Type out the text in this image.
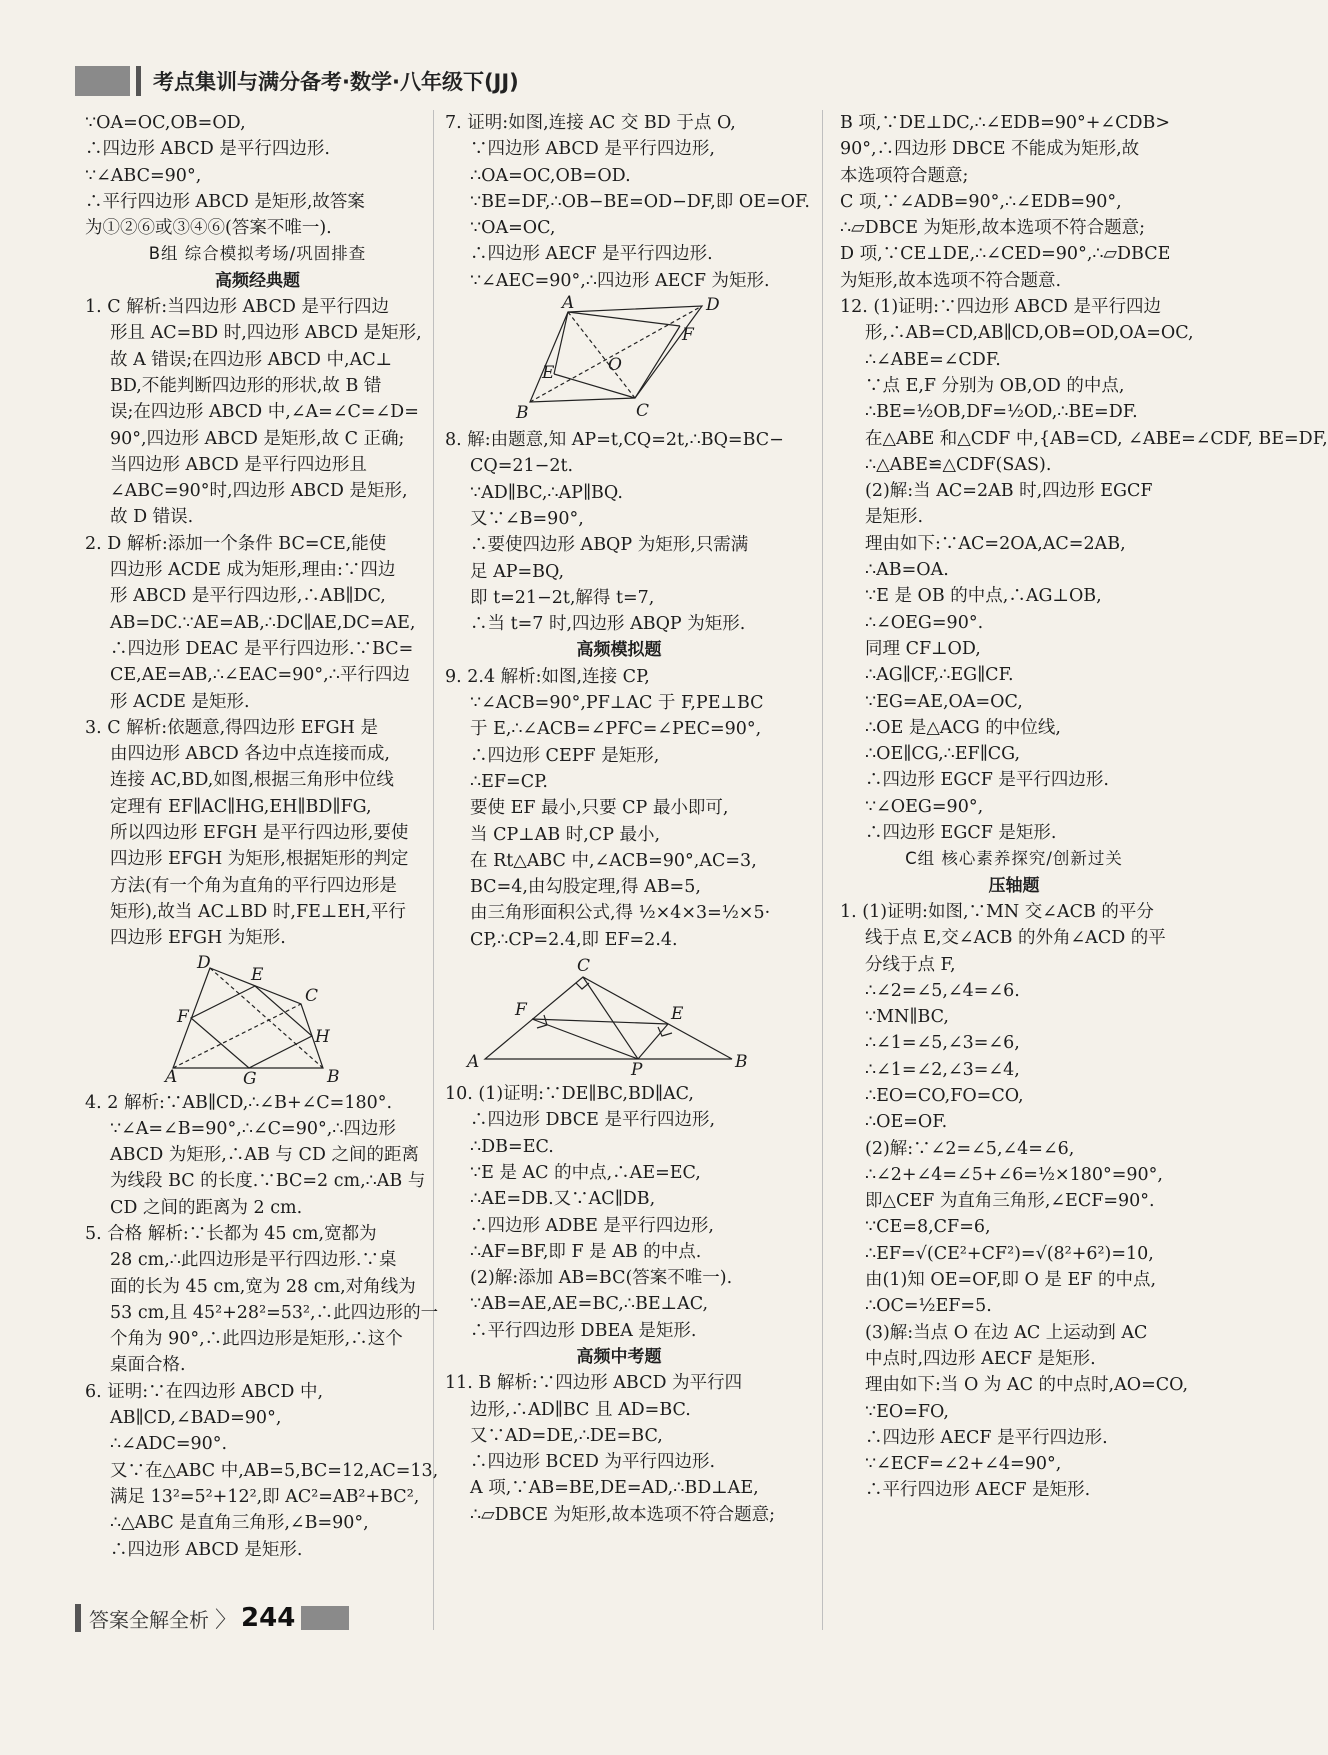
考点集训与满分备考·数学·八年级下(JJ)
∵OA=OC,OB=OD,
∴四边形 ABCD 是平行四边形.
∵∠ABC=90°,
∴平行四边形 ABCD 是矩形,故答案
为①②⑥或③④⑥(答案不唯一).
B组 综合模拟考场/巩固排查
高频经典题
1. C 解析:当四边形 ABCD 是平行四边
形且 AC=BD 时,四边形 ABCD 是矩形,
故 A 错误;在四边形 ABCD 中,AC⊥
BD,不能判断四边形的形状,故 B 错
误;在四边形 ABCD 中,∠A=∠C=∠D=
90°,四边形 ABCD 是矩形,故 C 正确;
当四边形 ABCD 是平行四边形且
∠ABC=90°时,四边形 ABCD 是矩形,
故 D 错误.
2. D 解析:添加一个条件 BC=CE,能使
四边形 ACDE 成为矩形,理由:∵四边
形 ABCD 是平行四边形,∴AB∥DC,
AB=DC.∵AE=AB,∴DC∥AE,DC=AE,
∴四边形 DEAC 是平行四边形.∵BC=
CE,AE=AB,∴∠EAC=90°,∴平行四边
形 ACDE 是矩形.
3. C 解析:依题意,得四边形 EFGH 是
由四边形 ABCD 各边中点连接而成,
连接 AC,BD,如图,根据三角形中位线
定理有 EF∥AC∥HG,EH∥BD∥FG,
所以四边形 EFGH 是平行四边形,要使
四边形 EFGH 为矩形,根据矩形的判定
方法(有一个角为直角的平行四边形是
矩形),故当 AC⊥BD 时,FE⊥EH,平行
四边形 EFGH 为矩形.
D
E
C
F
H
A	G	B
4. 2 解析:∵AB∥CD,∴∠B+∠C=180°.
∵∠A=∠B=90°,∴∠C=90°,∴四边形
ABCD 为矩形,∴AB 与 CD 之间的距离
为线段 BC 的长度.∵BC=2 cm,∴AB 与
CD 之间的距离为 2 cm.
5. 合格 解析:∵长都为 45 cm,宽都为
28 cm,∴此四边形是平行四边形.∵桌
面的长为 45 cm,宽为 28 cm,对角线为
53 cm,且 45²+28²=53²,∴此四边形的一
个角为 90°,∴此四边形是矩形,∴这个
桌面合格.
6. 证明:∵在四边形 ABCD 中,
AB∥CD,∠BAD=90°,
∴∠ADC=90°.
又∵在△ABC 中,AB=5,BC=12,AC=13,
满足 13²=5²+12²,即 AC²=AB²+BC²,
∴△ABC 是直角三角形,∠B=90°,
∴四边形 ABCD 是矩形.
7. 证明:如图,连接 AC 交 BD 于点 O,
∵四边形 ABCD 是平行四边形,
∴OA=OC,OB=OD.
∵BE=DF,∴OB−BE=OD−DF,即 OE=OF.
∵OA=OC,
∴四边形 AECF 是平行四边形.
∵∠AEC=90°,∴四边形 AECF 为矩形.
A	D
F
O
E
B	C
8. 解:由题意,知 AP=t,CQ=2t,∴BQ=BC−
CQ=21−2t.
∵AD∥BC,∴AP∥BQ.
又∵∠B=90°,
∴要使四边形 ABQP 为矩形,只需满
足 AP=BQ,
即 t=21−2t,解得 t=7,
∴当 t=7 时,四边形 ABQP 为矩形.
高频模拟题
9. 2.4 解析:如图,连接 CP,
∵∠ACB=90°,PF⊥AC 于 F,PE⊥BC
于 E,∴∠ACB=∠PFC=∠PEC=90°,
∴四边形 CEPF 是矩形,
∴EF=CP.
要使 EF 最小,只要 CP 最小即可,
当 CP⊥AB 时,CP 最小,
在 Rt△ABC 中,∠ACB=90°,AC=3,
BC=4,由勾股定理,得 AB=5,
由三角形面积公式,得 ½×4×3=½×5·
CP,∴CP=2.4,即 EF=2.4.
C
F	E
A	P	B
10. (1)证明:∵DE∥BC,BD∥AC,
∴四边形 DBCE 是平行四边形,
∴DB=EC.
∵E 是 AC 的中点,∴AE=EC,
∴AE=DB.又∵AC∥DB,
∴四边形 ADBE 是平行四边形,
∴AF=BF,即 F 是 AB 的中点.
(2)解:添加 AB=BC(答案不唯一).
∵AB=AE,AE=BC,∴BE⊥AC,
∴平行四边形 DBEA 是矩形.
高频中考题
11. B 解析:∵四边形 ABCD 为平行四
边形,∴AD∥BC 且 AD=BC.
又∵AD=DE,∴DE=BC,
∴四边形 BCED 为平行四边形.
A 项,∵AB=BE,DE=AD,∴BD⊥AE,
∴▱DBCE 为矩形,故本选项不符合题意;
B 项,∵DE⊥DC,∴∠EDB=90°+∠CDB>
90°,∴四边形 DBCE 不能成为矩形,故
本选项符合题意;
C 项,∵∠ADB=90°,∴∠EDB=90°,
∴▱DBCE 为矩形,故本选项不符合题意;
D 项,∵CE⊥DE,∴∠CED=90°,∴▱DBCE
为矩形,故本选项不符合题意.
12. (1)证明:∵四边形 ABCD 是平行四边
形,∴AB=CD,AB∥CD,OB=OD,OA=OC,
∴∠ABE=∠CDF.
∵点 E,F 分别为 OB,OD 的中点,
∴BE=½OB,DF=½OD,∴BE=DF.
在△ABE 和△CDF 中,{AB=CD, ∠ABE=∠CDF, BE=DF,
∴△ABE≌△CDF(SAS).
(2)解:当 AC=2AB 时,四边形 EGCF
是矩形.
理由如下:∵AC=2OA,AC=2AB,
∴AB=OA.
∵E 是 OB 的中点,∴AG⊥OB,
∴∠OEG=90°.
同理 CF⊥OD,
∴AG∥CF,∴EG∥CF.
∵EG=AE,OA=OC,
∴OE 是△ACG 的中位线,
∴OE∥CG,∴EF∥CG,
∴四边形 EGCF 是平行四边形.
∵∠OEG=90°,
∴四边形 EGCF 是矩形.
C组 核心素养探究/创新过关
压轴题
1. (1)证明:如图,∵MN 交∠ACB 的平分
线于点 E,交∠ACB 的外角∠ACD 的平
分线于点 F,
∴∠2=∠5,∠4=∠6.
∵MN∥BC,
∴∠1=∠5,∠3=∠6,
∴∠1=∠2,∠3=∠4,
∴EO=CO,FO=CO,
∴OE=OF.
(2)解:∵∠2=∠5,∠4=∠6,
∴∠2+∠4=∠5+∠6=½×180°=90°,
即△CEF 为直角三角形,∠ECF=90°.
∵CE=8,CF=6,
∴EF=√(CE²+CF²)=√(8²+6²)=10,
由(1)知 OE=OF,即 O 是 EF 的中点,
∴OC=½EF=5.
(3)解:当点 O 在边 AC 上运动到 AC
中点时,四边形 AECF 是矩形.
理由如下:当 O 为 AC 的中点时,AO=CO,
∵EO=FO,
∴四边形 AECF 是平行四边形.
∵∠ECF=∠2+∠4=90°,
∴平行四边形 AECF 是矩形.
答案全解全析 〉 244
